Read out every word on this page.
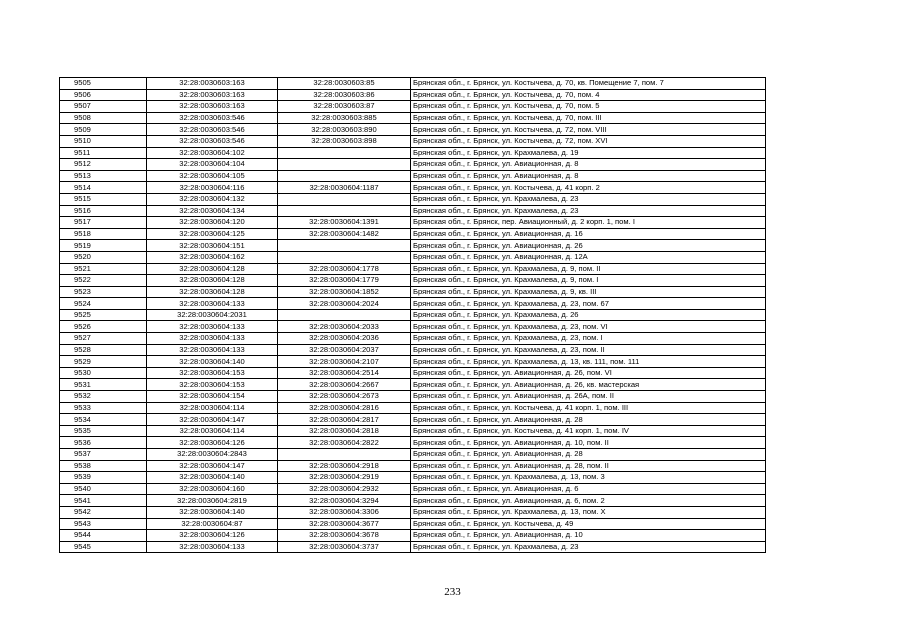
9505	32:28:0030603:163	32:28:0030603:85	Брянская обл., г. Брянск, ул. Костычева, д. 70, кв. Помещение 7, пом. 7
9506	32:28:0030603:163	32:28:0030603:86	Брянская обл., г. Брянск, ул. Костычева, д. 70, пом. 4
9507	32:28:0030603:163	32:28:0030603:87	Брянская обл., г. Брянск, ул. Костычева, д. 70, пом. 5
9508	32:28:0030603:546	32:28:0030603:885	Брянская обл., г. Брянск, ул. Костычева, д. 70, пом. III
9509	32:28:0030603:546	32:28:0030603:890	Брянская обл., г. Брянск, ул. Костычева, д. 72, пом. VIII
9510	32:28:0030603:546	32:28:0030603:898	Брянская обл., г. Брянск, ул. Костычева, д. 72, пом. XVI
9511	32:28:0030604:102		Брянская обл., г. Брянск, ул. Крахмалева, д. 19
9512	32:28:0030604:104		Брянская обл., г. Брянск, ул. Авиационная, д. 8
9513	32:28:0030604:105		Брянская обл., г. Брянск, ул. Авиационная, д. 8
9514	32:28:0030604:116	32:28:0030604:1187	Брянская обл., г. Брянск, ул. Костычева, д. 41 корп. 2
9515	32:28:0030604:132		Брянская обл., г. Брянск, ул. Крахмалева, д. 23
9516	32:28:0030604:134		Брянская обл., г. Брянск, ул. Крахмалева, д. 23
9517	32:28:0030604:120	32:28:0030604:1391	Брянская обл., г. Брянск, пер. Авиационный, д. 2 корп. 1, пом. I
9518	32:28:0030604:125	32:28:0030604:1482	Брянская обл., г. Брянск, ул. Авиационная, д. 16
9519	32:28:0030604:151		Брянская обл., г. Брянск, ул. Авиационная, д. 26
9520	32:28:0030604:162		Брянская обл., г. Брянск, ул. Авиационная, д. 12А
9521	32:28:0030604:128	32:28:0030604:1778	Брянская обл., г. Брянск, ул. Крахмалева, д. 9, пом. II
9522	32:28:0030604:128	32:28:0030604:1779	Брянская обл., г. Брянск, ул. Крахмалева, д. 9, пом. I
9523	32:28:0030604:128	32:28:0030604:1852	Брянская обл., г. Брянск, ул. Крахмалева, д. 9, кв. III
9524	32:28:0030604:133	32:28:0030604:2024	Брянская обл., г. Брянск, ул. Крахмалева, д. 23, пом. 67
9525	32:28:0030604:2031		Брянская обл., г. Брянск, ул. Крахмалева, д. 26
9526	32:28:0030604:133	32:28:0030604:2033	Брянская обл., г. Брянск, ул. Крахмалева, д. 23, пом. VI
9527	32:28:0030604:133	32:28:0030604:2036	Брянская обл., г. Брянск, ул. Крахмалева, д. 23, пом. I
9528	32:28:0030604:133	32:28:0030604:2037	Брянская обл., г. Брянск, ул. Крахмалева, д. 23, пом. II
9529	32:28:0030604:140	32:28:0030604:2107	Брянская обл., г. Брянск, ул. Крахмалева, д. 13, кв. 111, пом. 111
9530	32:28:0030604:153	32:28:0030604:2514	Брянская обл., г. Брянск, ул. Авиационная, д. 26, пом. VI
9531	32:28:0030604:153	32:28:0030604:2667	Брянская обл., г. Брянск, ул. Авиационная, д. 26, кв. мастерская
9532	32:28:0030604:154	32:28:0030604:2673	Брянская обл., г. Брянск, ул. Авиационная, д. 26А, пом. II
9533	32:28:0030604:114	32:28:0030604:2816	Брянская обл., г. Брянск, ул. Костычева, д. 41 корп. 1, пом. III
9534	32:28:0030604:147	32:28:0030604:2817	Брянская обл., г. Брянск, ул. Авиационная, д. 28
9535	32:28:0030604:114	32:28:0030604:2818	Брянская обл., г. Брянск, ул. Костычева, д. 41 корп. 1, пом. IV
9536	32:28:0030604:126	32:28:0030604:2822	Брянская обл., г. Брянск, ул. Авиационная, д. 10, пом. II
9537	32:28:0030604:2843		Брянская обл., г. Брянск, ул. Авиационная, д. 28
9538	32:28:0030604:147	32:28:0030604:2918	Брянская обл., г. Брянск, ул. Авиационная, д. 28, пом. II
9539	32:28:0030604:140	32:28:0030604:2919	Брянская обл., г. Брянск, ул. Крахмалева, д. 13, пом. 3
9540	32:28:0030604:160	32:28:0030604:2932	Брянская обл., г. Брянск, ул. Авиационная, д. 6
9541	32:28:0030604:2819	32:28:0030604:3294	Брянская обл., г. Брянск, ул. Авиационная, д. 6, пом. 2
9542	32:28:0030604:140	32:28:0030604:3306	Брянская обл., г. Брянск, ул. Крахмалева, д. 13, пом. X
9543	32:28:0030604:87	32:28:0030604:3677	Брянская обл., г. Брянск, ул. Костычева, д. 49
9544	32:28:0030604:126	32:28:0030604:3678	Брянская обл., г. Брянск, ул. Авиационная, д. 10
9545	32:28:0030604:133	32:28:0030604:3737	Брянская обл., г. Брянск, ул. Крахмалева, д. 23
233
